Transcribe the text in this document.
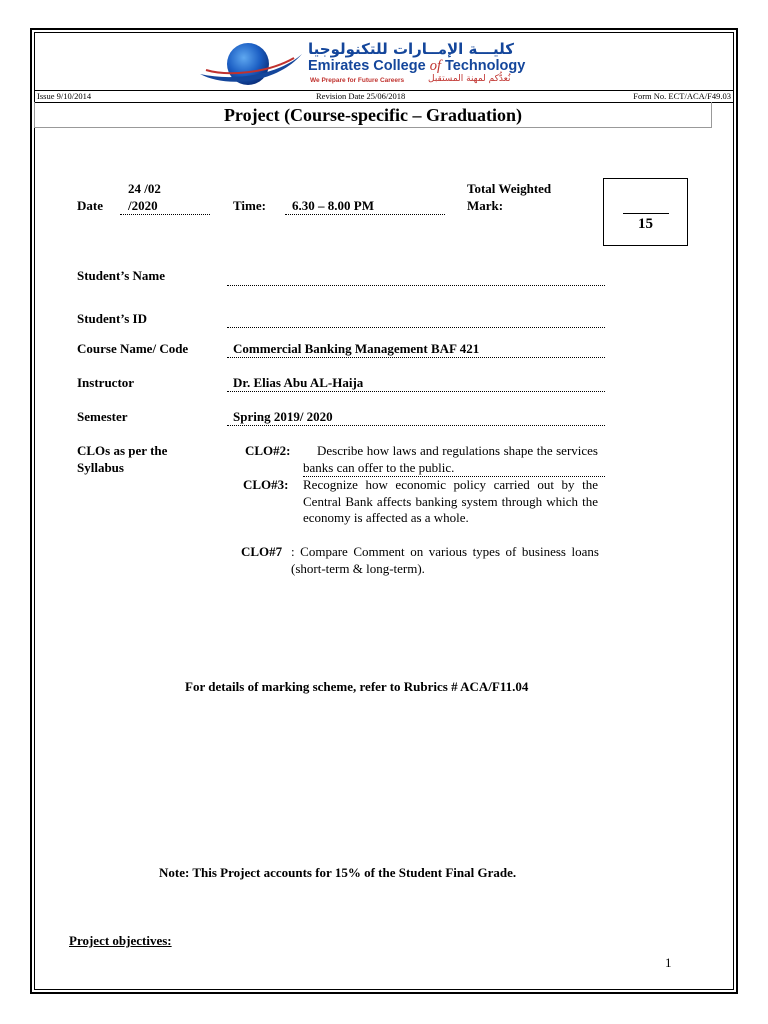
كليـــة الإمــارات للتكنولوجيا
Emirates College of Technology
We Prepare for Future Careers	نُعدُّكم لمهنة المستقبل
Issue 9/10/2014	Revision Date 25/06/2018	Form No. ECT/ACA/F49.03
Project (Course-specific – Graduation)
24 /02
Date /2020	Time: 6.30 – 8.00 PM
Total Weighted
Mark:
15
Student’s Name
Student’s ID
Course Name/ Code	Commercial Banking Management BAF 421
Instructor	Dr. Elias Abu AL-Haija
Semester	Spring 2019/ 2020
CLOs as per the
Syllabus
CLO#2:	Describe how laws and regulations shape the services banks can offer to the public.
CLO#3: Recognize how economic policy carried out by the Central Bank affects banking system through which the economy is affected as a whole.
CLO#7 : Compare Comment on various types of business loans (short-term & long-term).
For details of marking scheme, refer to Rubrics # ACA/F11.04
Note: This Project accounts for 15% of the Student Final Grade.
Project objectives:
1
